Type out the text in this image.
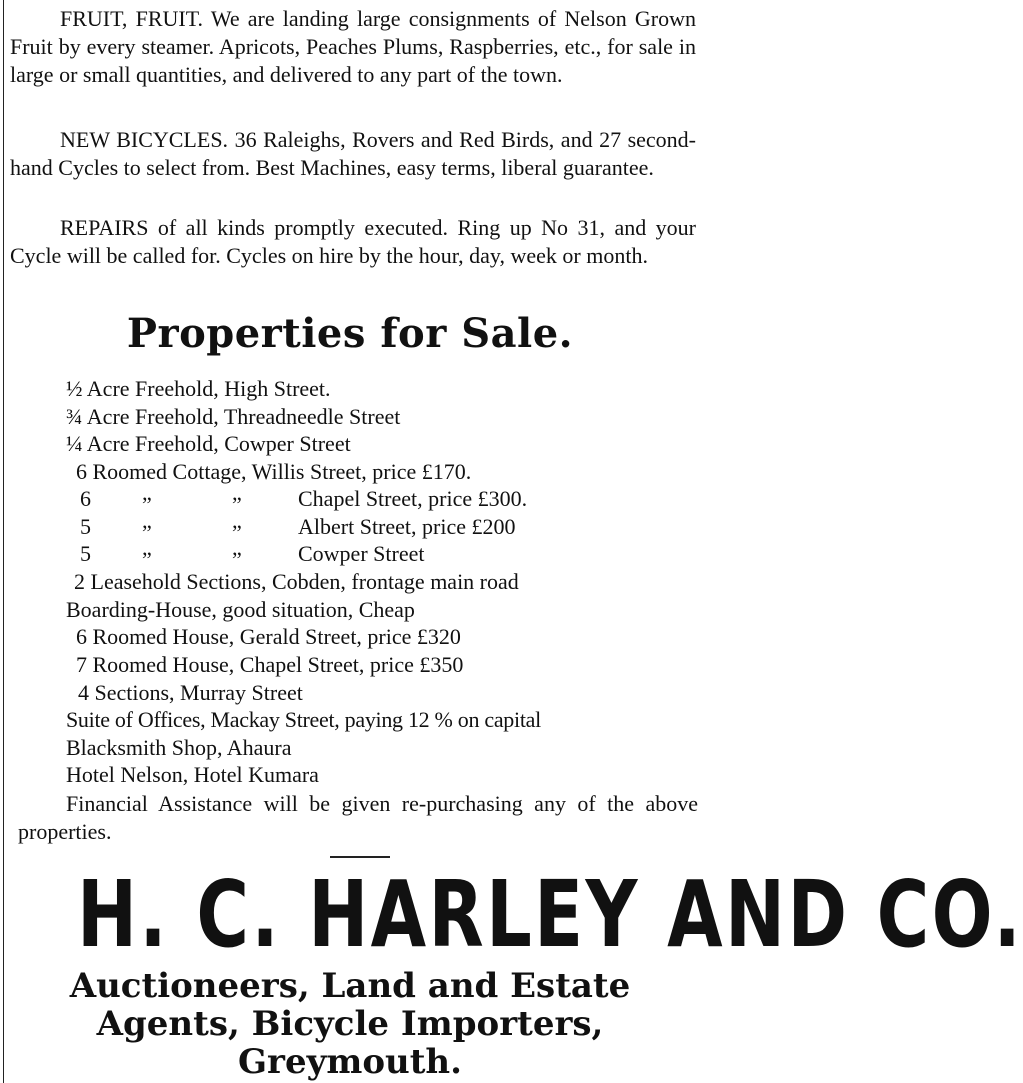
FRUIT, FRUIT. We are landing large consignments of Nelson Grown Fruit by every steamer. Apricots, Peaches Plums, Raspberries, etc., for sale in large or small quantities, and delivered to any part of the town.

NEW BICYCLES. 36 Raleighs, Rovers and Red Birds, and 27 second-hand Cycles to select from. Best Machines, easy terms, liberal guarantee.

REPAIRS of all kinds promptly executed. Ring up No 31, and your Cycle will be called for. Cycles on hire by the hour, day, week or month.

Properties for Sale.
½ Acre Freehold, High Street.
¾ Acre Freehold, Threadneedle Street
¼ Acre Freehold, Cowper Street
6 Roomed Cottage, Willis Street, price £170.
6 ”	”	Chapel Street, price £300.
5 ”	”	Albert Street, price £200
5 ”	”	Cowper Street
2 Leasehold Sections, Cobden, frontage main road
Boarding-House, good situation, Cheap
6 Roomed House, Gerald Street, price £320
7 Roomed House, Chapel Street, price £350
4 Sections, Murray Street
Suite of Offices, Mackay Street, paying 12 % on capital
Blacksmith Shop, Ahaura
Hotel Nelson, Hotel Kumara

Financial Assistance will be given re-purchasing any of the above properties.

H. C. HARLEY AND CO.

Auctioneers, Land and Estate

Agents, Bicycle Importers,

Greymouth.
